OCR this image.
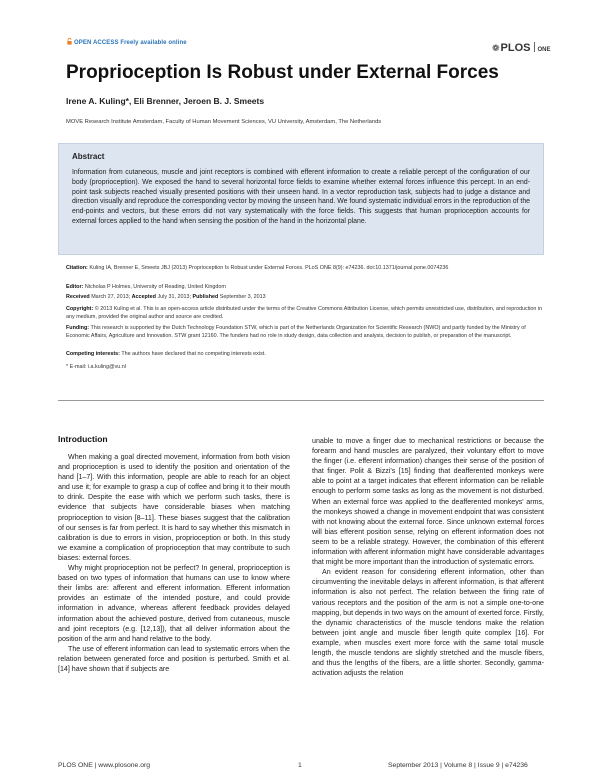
OPEN ACCESS Freely available online	❁PLOS ONE
Proprioception Is Robust under External Forces
Irene A. Kuling*, Eli Brenner, Jeroen B. J. Smeets
MOVE Research Institute Amsterdam, Faculty of Human Movement Sciences, VU University, Amsterdam, The Netherlands
Abstract
Information from cutaneous, muscle and joint receptors is combined with efferent information to create a reliable percept of the configuration of our body (proprioception). We exposed the hand to several horizontal force fields to examine whether external forces influence this percept. In an end-point task subjects reached visually presented positions with their unseen hand. In a vector reproduction task, subjects had to judge a distance and direction visually and reproduce the corresponding vector by moving the unseen hand. We found systematic individual errors in the reproduction of the end-points and vectors, but these errors did not vary systematically with the force fields. This suggests that human proprioception accounts for external forces applied to the hand when sensing the position of the hand in the horizontal plane.
Citation: Kuling IA, Brenner E, Smeets JBJ (2013) Proprioception Is Robust under External Forces. PLoS ONE 8(9): e74236. doi:10.1371/journal.pone.0074236
Editor: Nicholas P Holmes, University of Reading, United Kingdom
Received March 27, 2013; Accepted July 31, 2013; Published September 3, 2013
Copyright: © 2013 Kuling et al. This is an open-access article distributed under the terms of the Creative Commons Attribution License, which permits unrestricted use, distribution, and reproduction in any medium, provided the original author and source are credited.
Funding: This research is supported by the Dutch Technology Foundation STW, which is part of the Netherlands Organization for Scientific Research (NWO) and partly funded by the Ministry of Economic Affairs, Agriculture and Innovation. STW grant 12160. The funders had no role in study design, data collection and analysis, decision to publish, or preparation of the manuscript.
Competing interests: The authors have declared that no competing interests exist.
* E-mail: i.a.kuling@vu.nl
Introduction

When making a goal directed movement, information from both vision and proprioception is used to identify the position and orientation of the hand [1–7]. With this information, people are able to reach for an object and use it; for example to grasp a cup of coffee and bring it to their mouth to drink. Despite the ease with which we perform such tasks, there is evidence that subjects have considerable biases when matching proprioception to vision [8–11]. These biases suggest that the calibration of our senses is far from perfect. It is hard to say whether this mismatch in calibration is due to errors in vision, proprioception or both. In this study we examine a complication of proprioception that may contribute to such biases: external forces.

Why might proprioception not be perfect? In general, proprioception is based on two types of information that humans can use to know where their limbs are: afferent and efferent information. Efferent information provides an estimate of the intended posture, and could provide information in advance, whereas afferent feedback provides delayed information about the achieved posture, derived from cutaneous, muscle and joint receptors (e.g. [12,13]), that all deliver information about the position of the arm and hand relative to the body.

The use of efferent information can lead to systematic errors when the relation between generated force and position is perturbed. Smith et al. [14] have shown that if subjects are

unable to move a finger due to mechanical restrictions or because the forearm and hand muscles are paralyzed, their voluntary effort to move the finger (i.e. efferent information) changes their sense of the position of that finger. Polit & Bizzi's [15] finding that deafferented monkeys were able to point at a target indicates that efferent information can be reliable enough to perform some tasks as long as the movement is not disturbed. When an external force was applied to the deafferented monkeys' arms, the monkeys showed a change in movement endpoint that was consistent with not knowing about the external force. Since unknown external forces will bias efferent position sense, relying on efferent information does not seem to be a reliable strategy. However, the combination of this efferent information with afferent information might have considerable advantages that might be more important than the introduction of systematic errors.

An evident reason for considering efferent information, other than circumventing the inevitable delays in afferent information, is that afferent information is also not perfect. The relation between the firing rate of various receptors and the position of the arm is not a simple one-to-one mapping, but depends in two ways on the amount of exerted force. Firstly, the dynamic characteristics of the muscle tendons make the relation between joint angle and muscle fiber length quite complex [16]. For example, when muscles exert more force with the same total muscle length, the muscle tendons are slightly stretched and the muscle fibers, and thus the lengths of the fibers, are a little shorter. Secondly, gamma-activation adjusts the relation

PLOS ONE | www.plosone.org	1	September 2013 | Volume 8 | Issue 9 | e74236
